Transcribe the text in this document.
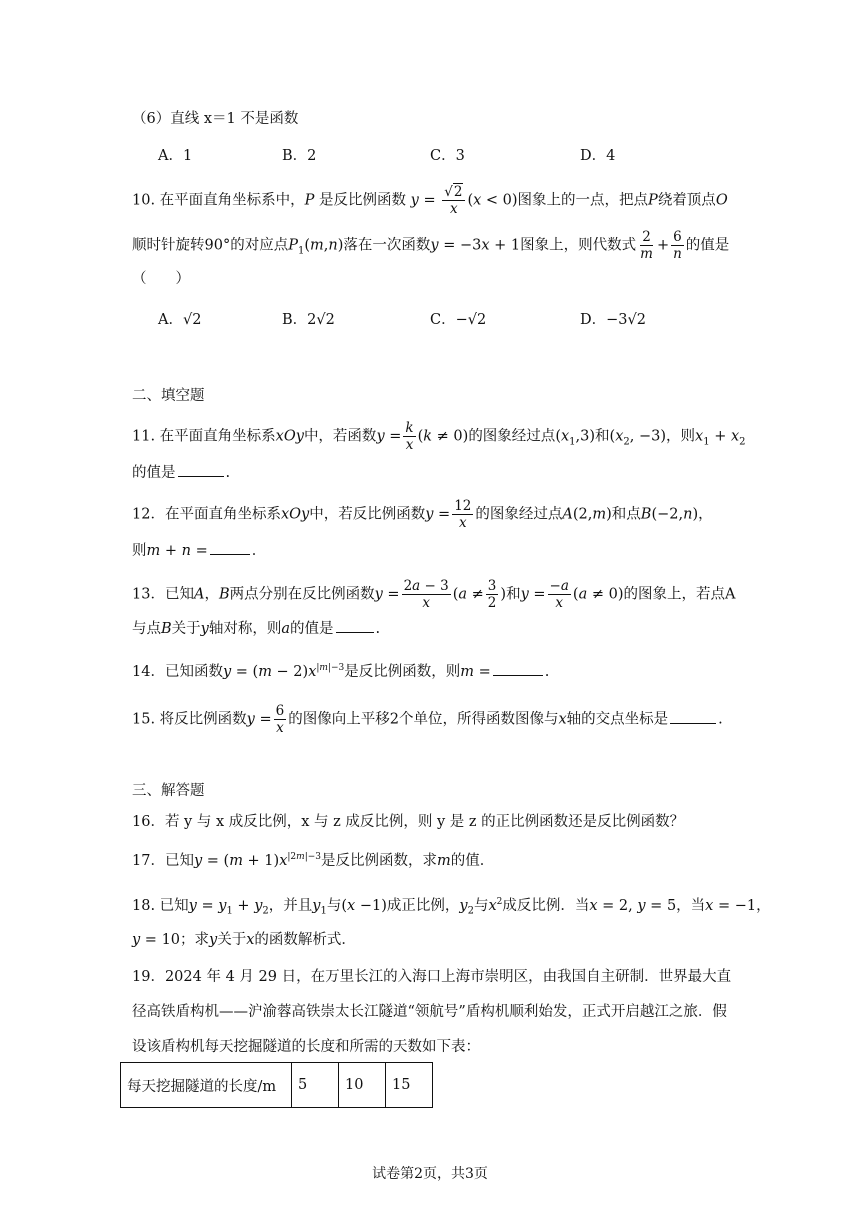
（6）直线 x＝1 不是函数
A．1	B．2	C．3	D．4
10. 在平面直角坐标系中，P 是反比例函数 $y = \frac{√2}{x} (x < 0)$图象上的一点，把点P绕着顶点O
顺时针旋转90°的对应点$P_1(m,n)$落在一次函数y = −3x + 1图象上，则代数式 $\frac{2}{m} + \frac{6}{n}$ 的值是
（　　）
A．√2	B．2√2	C．−√2	D．−3√2
二、填空题
11. 在平面直角坐标系xOy中，若函数$y = \frac{k}{x} (k \ne 0)$的图象经过点$(x_1,3)$和($x_2$, −3)，则$x_1 + x_2$
的值是	.
12．在平面直角坐标系xOy中，若反比例函数$y = \frac{12}{x}$ 的图象经过点A(2,m)和点B(−2,n)，
则m + n =	．
13．已知A，B两点分别在反比例函数$y = \frac{2a - 3}{x} (a \ne \frac{3}{2}$ )和$y = \frac{-a}{x} (a \ne 0)$的图象上，若点A
与点B关于y轴对称，则a的值是	.
14．已知函数$y = (m - 2)x^{|m|-3}$是反比例函数，则m =	.
15. 将反比例函数$y = \frac{6}{x}$ 的图像向上平移2个单位，所得函数图像与x轴的交点坐标是	.
三、解答题
16．若 y 与 x 成反比例，x 与 z 成反比例，则 y 是 z 的正比例函数还是反比例函数？
17．已知$y = (m + 1)x^{|2m|-3}$是反比例函数，求m的值．
18. 已知$y = y_1 + y_2$，并且$y_1$与(x −1)成正比例，$y_2$与$x^2$成反比例．当x = 2, y = 5，当x = −1，
y = 10；求y关于x的函数解析式．
19．2024 年 4 月 29 日，在万里长江的入海口上海市崇明区，由我国自主研制．世界最大直
径高铁盾构机——沪渝蓉高铁崇太长江隧道“领航号”盾构机顺利始发，正式开启越江之旅．假
设该盾构机每天挖掘隧道的长度和所需的天数如下表：
每天挖掘隧道的长度/m	5	10	15
试卷第2页，共3页
